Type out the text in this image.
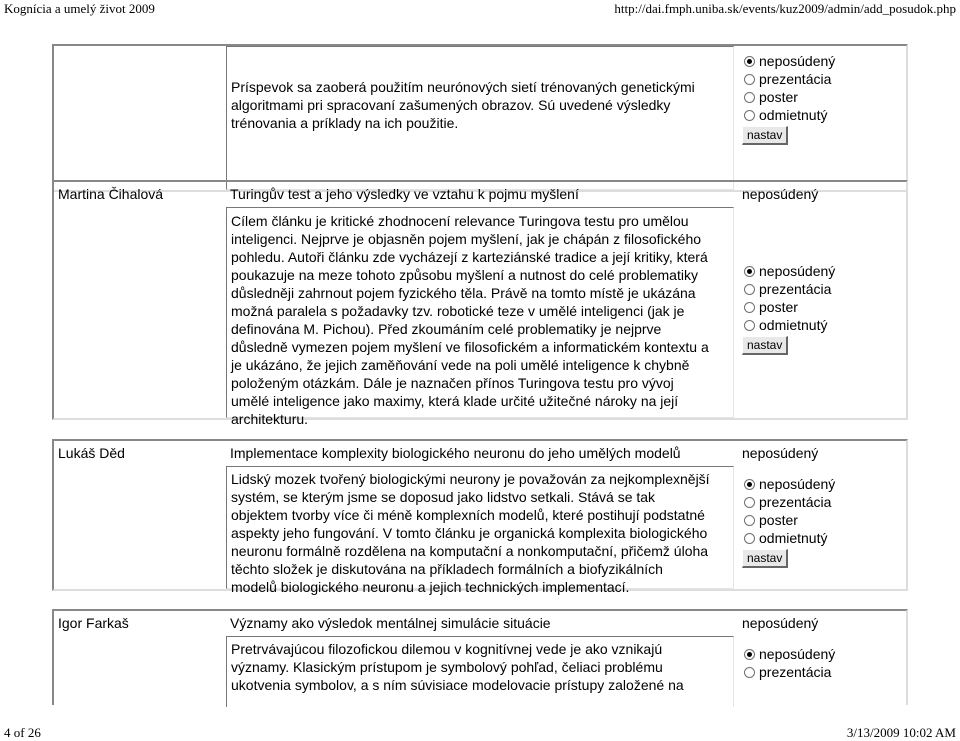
Kognícia a umelý život 2009	http://dai.fmph.uniba.sk/events/kuz2009/admin/add_posudok.php
Príspevok sa zaoberá použitím neurónových sietí trénovaných genetickými
algoritmami pri spracovaní zašumených obrazov. Sú uvedené výsledky
trénovania a príklady na ich použitie.
neposúdený
prezentácia
poster
odmietnutý
nastav
Martina Čihalová	Turingův test a jeho výsledky ve vztahu k pojmu myšlení	neposúdený
Cílem článku je kritické zhodnocení relevance Turingova testu pro umělou
inteligenci. Nejprve je objasněn pojem myšlení, jak je chápán z filosofického
pohledu. Autoři článku zde vycházejí z karteziánské tradice a její kritiky, která
poukazuje na meze tohoto způsobu myšlení a nutnost do celé problematiky
důsledněji zahrnout pojem fyzického těla. Právě na tomto místě je ukázána
možná paralela s požadavky tzv. robotické teze v umělé inteligenci (jak je
definována M. Pichou). Před zkoumáním celé problematiky je nejprve
důsledně vymezen pojem myšlení ve filosofickém a informatickém kontextu a
je ukázáno, že jejich zaměňování vede na poli umělé inteligence k chybně
položeným otázkám. Dále je naznačen přínos Turingova testu pro vývoj
umělé inteligence jako maximy, která klade určité užitečné nároky na její
architekturu.
neposúdený
prezentácia
poster
odmietnutý
nastav
Lukáš Děd	Implementace komplexity biologického neuronu do jeho umělých modelů	neposúdený
Lidský mozek tvořený biologickými neurony je považován za nejkomplexnější
systém, se kterým jsme se doposud jako lidstvo setkali. Stává se tak
objektem tvorby více či méně komplexních modelů, které postihují podstatné
aspekty jeho fungování. V tomto článku je organická komplexita biologického
neuronu formálně rozdělena na komputační a nonkomputační, přičemž úloha
těchto složek je diskutována na příkladech formálních a biofyzikálních
modelů biologického neuronu a jejich technických implementací.
neposúdený
prezentácia
poster
odmietnutý
nastav
Igor Farkaš	Významy ako výsledok mentálnej simulácie situácie	neposúdený
Pretrvávajúcou filozofickou dilemou v kognitívnej vede je ako vznikajú
významy. Klasickým prístupom je symbolový pohľad, čeliaci problému
ukotvenia symbolov, a s ním súvisiace modelovacie prístupy založené na
neposúdený
prezentácia
4 of 26	3/13/2009 10:02 AM
